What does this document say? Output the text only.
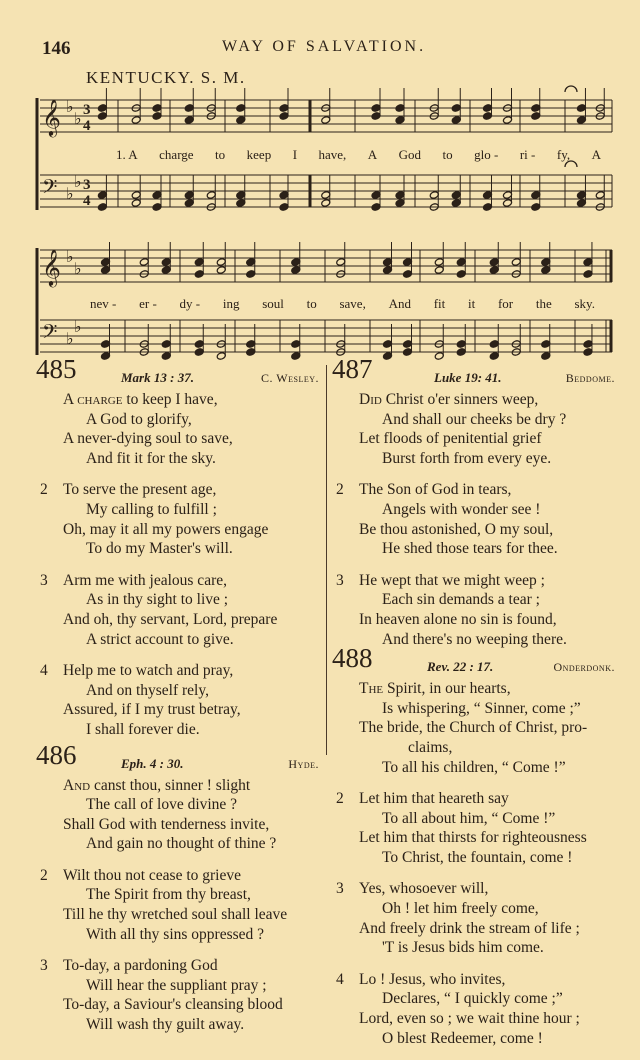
146	WAY OF SALVATION.
KENTUCKY. S. M.
𝄞 ♭
♭
3
4
𝄢 ♭
♭ 3
4
𝄞 ♭
♭
𝄢 ♭
♭
1. A charge to keep I have, A God to glo - ri - fy, A
nev - er - dy - ing soul to save, And fit it for the sky.
485	Mark 13 : 37.	C. Wesley.
A charge to keep I have,
A God to glorify,
A never-dying soul to save,
And fit it for the sky.
2 To serve the present age,
My calling to fulfill ;
Oh, may it all my powers engage
To do my Master's will.
3 Arm me with jealous care,
As in thy sight to live ;
And oh, thy servant, Lord, prepare
A strict account to give.
4 Help me to watch and pray,
And on thyself rely,
Assured, if I my trust betray,
I shall forever die.
486	Eph. 4 : 30.	Hyde.
And canst thou, sinner ! slight
The call of love divine ?
Shall God with tenderness invite,
And gain no thought of thine ?
2 Wilt thou not cease to grieve
The Spirit from thy breast,
Till he thy wretched soul shall leave
With all thy sins oppressed ?
3 To-day, a pardoning God
Will hear the suppliant pray ;
To-day, a Saviour's cleansing blood
Will wash thy guilt away.
487	Luke 19: 41.	Beddome.
Did Christ o'er sinners weep,
And shall our cheeks be dry ?
Let floods of penitential grief
Burst forth from every eye.
2 The Son of God in tears,
Angels with wonder see !
Be thou astonished, O my soul,
He shed those tears for thee.
3 He wept that we might weep ;
Each sin demands a tear ;
In heaven alone no sin is found,
And there's no weeping there.
488	Rev. 22 : 17.	Onderdonk.
The Spirit, in our hearts,
Is whispering, “ Sinner, come ;”
The bride, the Church of Christ, pro-
claims,
To all his children, “ Come !”
2 Let him that heareth say
To all about him, “ Come !”
Let him that thirsts for righteousness
To Christ, the fountain, come !
3 Yes, whosoever will,
Oh ! let him freely come,
And freely drink the stream of life ;
'T is Jesus bids him come.
4 Lo ! Jesus, who invites,
Declares, “ I quickly come ;”
Lord, even so ; we wait thine hour ;
O blest Redeemer, come !
